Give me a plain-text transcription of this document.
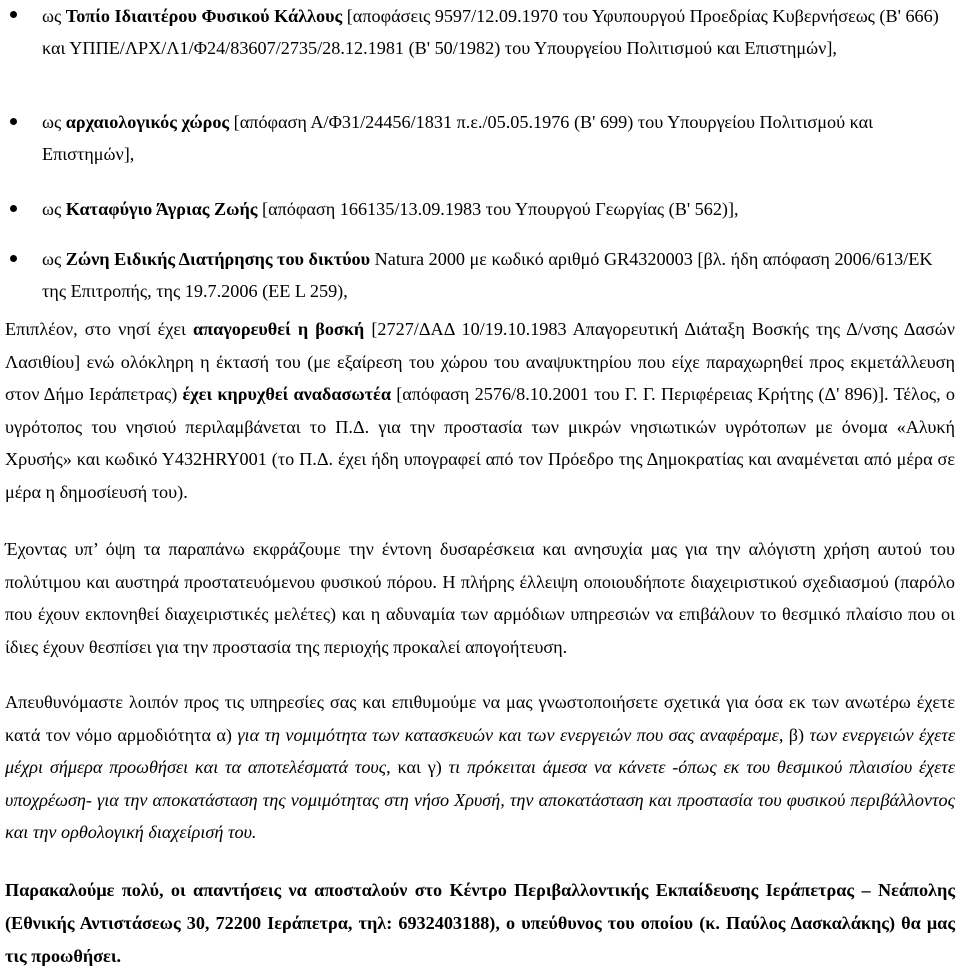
ως Τοπίο Ιδιαιτέρου Φυσικού Κάλλους [αποφάσεις 9597/12.09.1970 του Υφυπουργού Προεδρίας Κυβερνήσεως (Β' 666) και ΥΠΠΕ/ΛΡΧ/Λ1/Φ24/83607/2735/28.12.1981 (Β' 50/1982) του Υπουργείου Πολιτισμού και Επιστημών],

ως αρχαιολογικός χώρος [απόφαση Α/Φ31/24456/1831 π.ε./05.05.1976 (Β' 699) του Υπουργείου Πολιτισμού και Επιστημών],

ως Καταφύγιο Άγριας Ζωής [απόφαση 166135/13.09.1983 του Υπουργού Γεωργίας (Β' 562)],

ως Ζώνη Ειδικής Διατήρησης του δικτύου Natura 2000 με κωδικό αριθμό GR4320003 [βλ. ήδη απόφαση 2006/613/ΕΚ της Επιτροπής, της 19.7.2006 (ΕΕ L 259),

Επιπλέον, στο νησί έχει απαγορευθεί η βοσκή [2727/ΔΑΔ 10/19.10.1983 Απαγορευτική Διάταξη Βοσκής της Δ/νσης Δασών Λασιθίου] ενώ ολόκληρη η έκτασή του (με εξαίρεση του χώρου του αναψυκτηρίου που είχε παραχωρηθεί προς εκμετάλλευση στον Δήμο Ιεράπετρας) έχει κηρυχθεί αναδασωτέα [απόφαση 2576/8.10.2001 του Γ. Γ. Περιφέρειας Κρήτης (Δ' 896)]. Τέλος, ο υγρότοπος του νησιού περιλαμβάνεται το Π.Δ. για την προστασία των μικρών νησιωτικών υγρότοπων με όνομα «Αλυκή Χρυσής» και κωδικό Υ432HRY001 (το Π.Δ. έχει ήδη υπογραφεί από τον Πρόεδρο της Δημοκρατίας και αναμένεται από μέρα σε μέρα η δημοσίευσή του).

Έχοντας υπ’ όψη τα παραπάνω εκφράζουμε την έντονη δυσαρέσκεια και ανησυχία μας για την αλόγιστη χρήση αυτού του πολύτιμου και αυστηρά προστατευόμενου φυσικού πόρου. Η πλήρης έλλειψη οποιουδήποτε διαχειριστικού σχεδιασμού (παρόλο που έχουν εκπονηθεί διαχειριστικές μελέτες) και η αδυναμία των αρμόδιων υπηρεσιών να επιβάλουν το θεσμικό πλαίσιο που οι ίδιες έχουν θεσπίσει για την προστασία της περιοχής προκαλεί απογοήτευση.

Απευθυνόμαστε λοιπόν προς τις υπηρεσίες σας και επιθυμούμε να μας γνωστοποιήσετε σχετικά για όσα εκ των ανωτέρω έχετε κατά τον νόμο αρμοδιότητα α) για τη νομιμότητα των κατασκευών και των ενεργειών που σας αναφέραμε, β) των ενεργειών έχετε μέχρι σήμερα προωθήσει και τα αποτελέσματά τους, και γ) τι πρόκειται άμεσα να κάνετε -όπως εκ του θεσμικού πλαισίου έχετε υποχρέωση- για την αποκατάσταση της νομιμότητας στη νήσο Χρυσή, την αποκατάσταση και προστασία του φυσικού περιβάλλοντος και την ορθολογική διαχείρισή του.

Παρακαλούμε πολύ, οι απαντήσεις να αποσταλούν στο Κέντρο Περιβαλλοντικής Εκπαίδευσης Ιεράπετρας – Νεάπολης (Εθνικής Αντιστάσεως 30, 72200 Ιεράπετρα, τηλ: 6932403188), ο υπεύθυνος του οποίου (κ. Παύλος Δασκαλάκης) θα μας τις προωθήσει.
